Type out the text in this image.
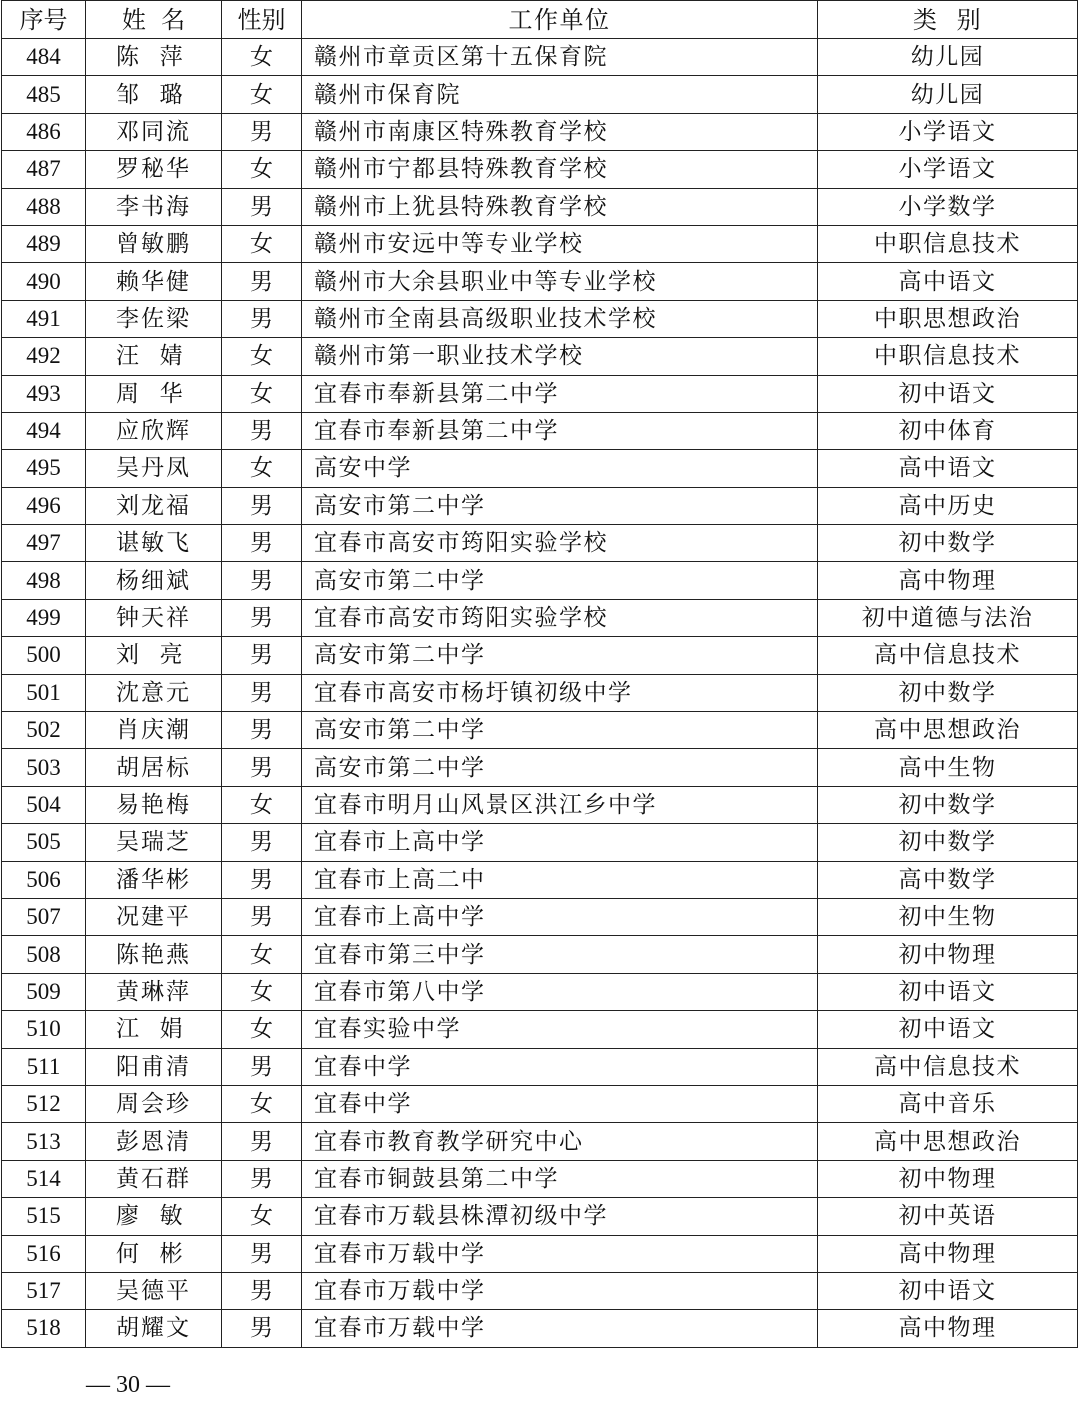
序号	姓  名	性别	工作单位	类  别
484	陈  萍	女	赣州市章贡区第十五保育院	幼儿园
485	邹  璐	女	赣州市保育院	幼儿园
486	邓同流	男	赣州市南康区特殊教育学校	小学语文
487	罗秘华	女	赣州市宁都县特殊教育学校	小学语文
488	李书海	男	赣州市上犹县特殊教育学校	小学数学
489	曾敏鹏	女	赣州市安远中等专业学校	中职信息技术
490	赖华健	男	赣州市大余县职业中等专业学校	高中语文
491	李佐梁	男	赣州市全南县高级职业技术学校	中职思想政治
492	汪  婧	女	赣州市第一职业技术学校	中职信息技术
493	周  华	女	宜春市奉新县第二中学	初中语文
494	应欣辉	男	宜春市奉新县第二中学	初中体育
495	吴丹凤	女	高安中学	高中语文
496	刘龙福	男	高安市第二中学	高中历史
497	谌敏飞	男	宜春市高安市筠阳实验学校	初中数学
498	杨细斌	男	高安市第二中学	高中物理
499	钟天祥	男	宜春市高安市筠阳实验学校	初中道德与法治
500	刘  亮	男	高安市第二中学	高中信息技术
501	沈意元	男	宜春市高安市杨圩镇初级中学	初中数学
502	肖庆潮	男	高安市第二中学	高中思想政治
503	胡居标	男	高安市第二中学	高中生物
504	易艳梅	女	宜春市明月山风景区洪江乡中学	初中数学
505	吴瑞芝	男	宜春市上高中学	初中数学
506	潘华彬	男	宜春市上高二中	高中数学
507	况建平	男	宜春市上高中学	初中生物
508	陈艳燕	女	宜春市第三中学	初中物理
509	黄琳萍	女	宜春市第八中学	初中语文
510	江  娟	女	宜春实验中学	初中语文
511	阳甫清	男	宜春中学	高中信息技术
512	周会珍	女	宜春中学	高中音乐
513	彭恩清	男	宜春市教育教学研究中心	高中思想政治
514	黄石群	男	宜春市铜鼓县第二中学	初中物理
515	廖  敏	女	宜春市万载县株潭初级中学	初中英语
516	何  彬	男	宜春市万载中学	高中物理
517	吴德平	男	宜春市万载中学	初中语文
518	胡耀文	男	宜春市万载中学	高中物理
— 30 —
